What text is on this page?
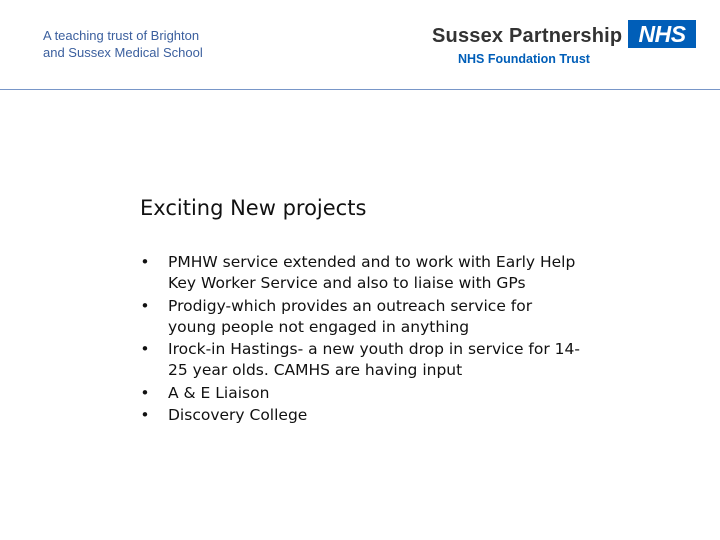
A teaching trust of Brighton
and Sussex Medical School
Sussex Partnership NHS
NHS Foundation Trust
Exciting New projects
• PMHW service extended and to work with Early Help Key Worker Service and also to liaise with GPs
• Prodigy-which provides an outreach service for young people not engaged in anything
• Irock-in Hastings- a new youth drop in service for 14-25 year olds. CAMHS are having input
• A & E Liaison
• Discovery College
